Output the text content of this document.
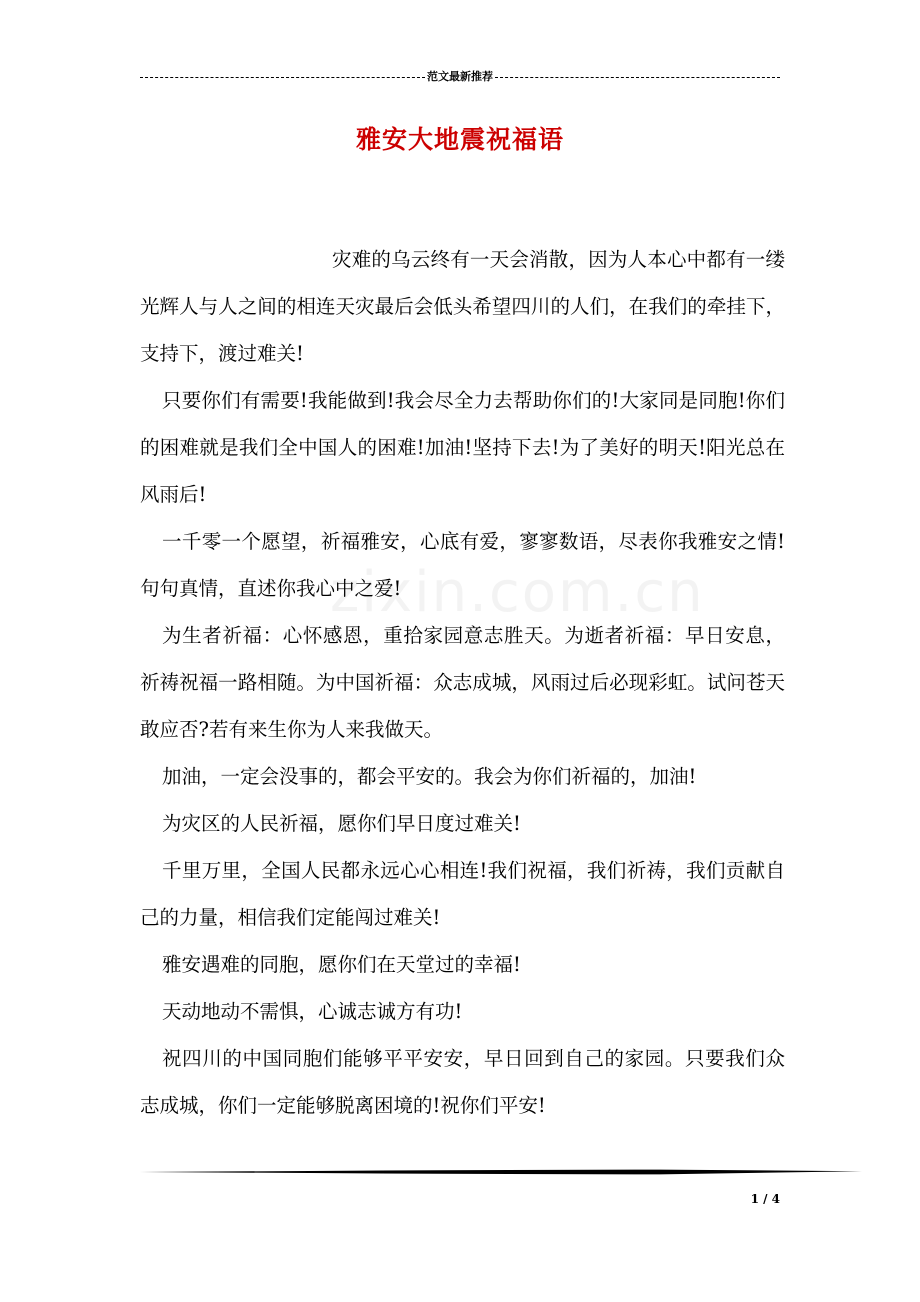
范文最新推荐
雅安大地震祝福语
zixin.com.cn

灾难的乌云终有一天会消散，因为人本心中都有一缕光辉人与人之间的相连天灾最后会低头希望四川的人们，在我们的牵挂下，支持下，渡过难关!

只要你们有需要!我能做到!我会尽全力去帮助你们的!大家同是同胞!你们的困难就是我们全中国人的困难!加油!坚持下去!为了美好的明天!阳光总在风雨后!

一千零一个愿望，祈福雅安，心底有爱，寥寥数语，尽表你我雅安之情!句句真情，直述你我心中之爱!

为生者祈福：心怀感恩，重拾家园意志胜天。为逝者祈福：早日安息，祈祷祝福一路相随。为中国祈福：众志成城，风雨过后必现彩虹。试问苍天敢应否?若有来生你为人来我做天。

加油，一定会没事的，都会平安的。我会为你们祈福的，加油!

为灾区的人民祈福，愿你们早日度过难关!

千里万里，全国人民都永远心心相连!我们祝福，我们祈祷，我们贡献自己的力量，相信我们定能闯过难关!

雅安遇难的同胞，愿你们在天堂过的幸福!

天动地动不需惧，心诚志诚方有功!

祝四川的中国同胞们能够平平安安，早日回到自己的家园。只要我们众志成城，你们一定能够脱离困境的!祝你们平安!

1 / 4
